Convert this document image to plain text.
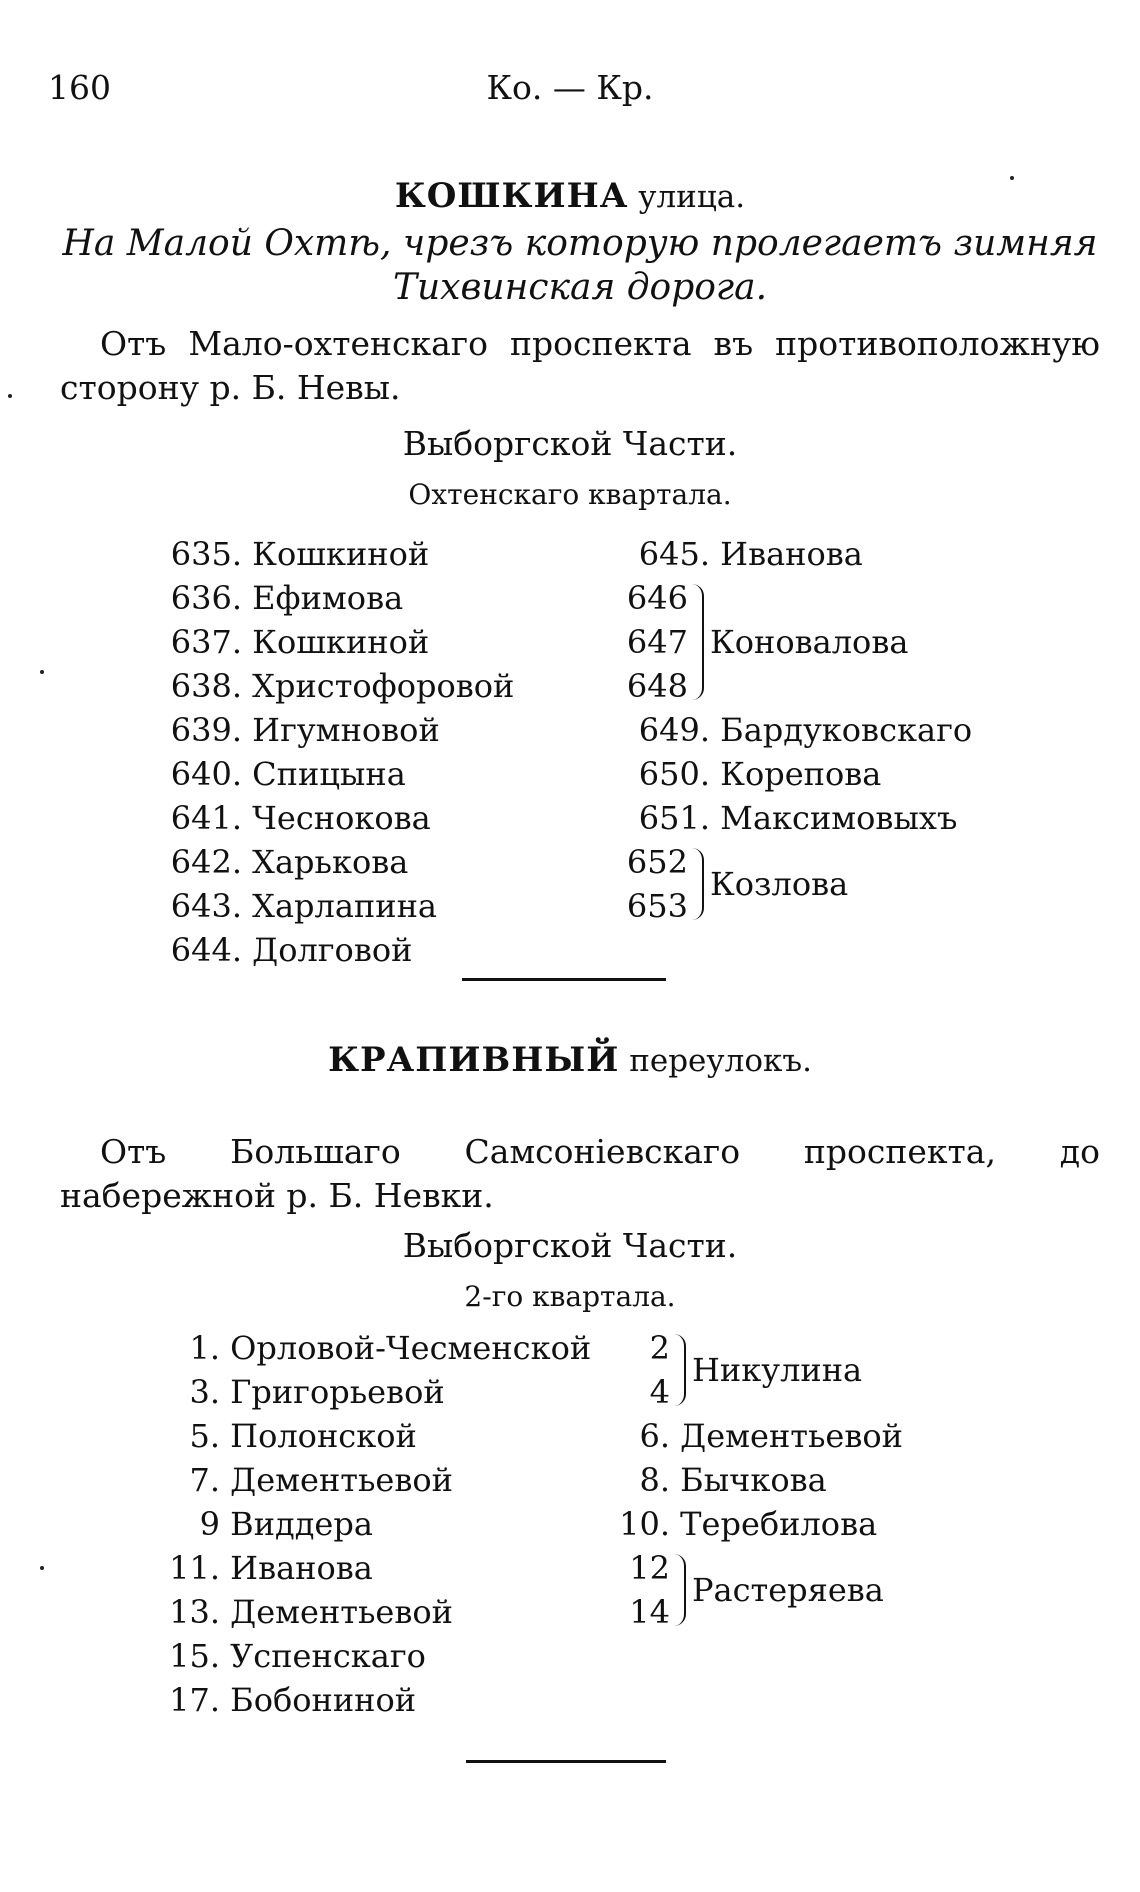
160	Ко. — Кр.
КОШКИНА улица.
На Малой Охтѣ, чрезъ которую пролегаетъ зимняя Тихвинская дорога.
Отъ Мало-охтенскаго проспекта въ противоположную сторону р. Б. Невы.
Выборгской Части.
Охтенскаго квартала.
635. Кошкиной
636. Ефимова
637. Кошкиной
638. Христофоровой
639. Игумновой
640. Спицына
641. Чеснокова
642. Харькова
643. Харлапина
644. Долговой
645. Иванова
646
647
648
Коновалова
649. Бардуковскаго
650. Корепова
651. Максимовыхъ
652
653
Козлова
КРАПИВНЫЙ переулокъ.
Отъ Большаго Самсоніевскаго проспекта, до набережной р. Б. Невки.
Выборгской Части.
2-го квартала.
1. Орловой-Чесменской
3. Григорьевой
5. Полонской
7. Дементьевой
9 Виддера
11. Иванова
13. Дементьевой
15. Успенскаго
17. Бобониной
2
4
Никулина
6. Дементьевой
8. Бычкова
10. Теребилова
12
14
Растеряева
